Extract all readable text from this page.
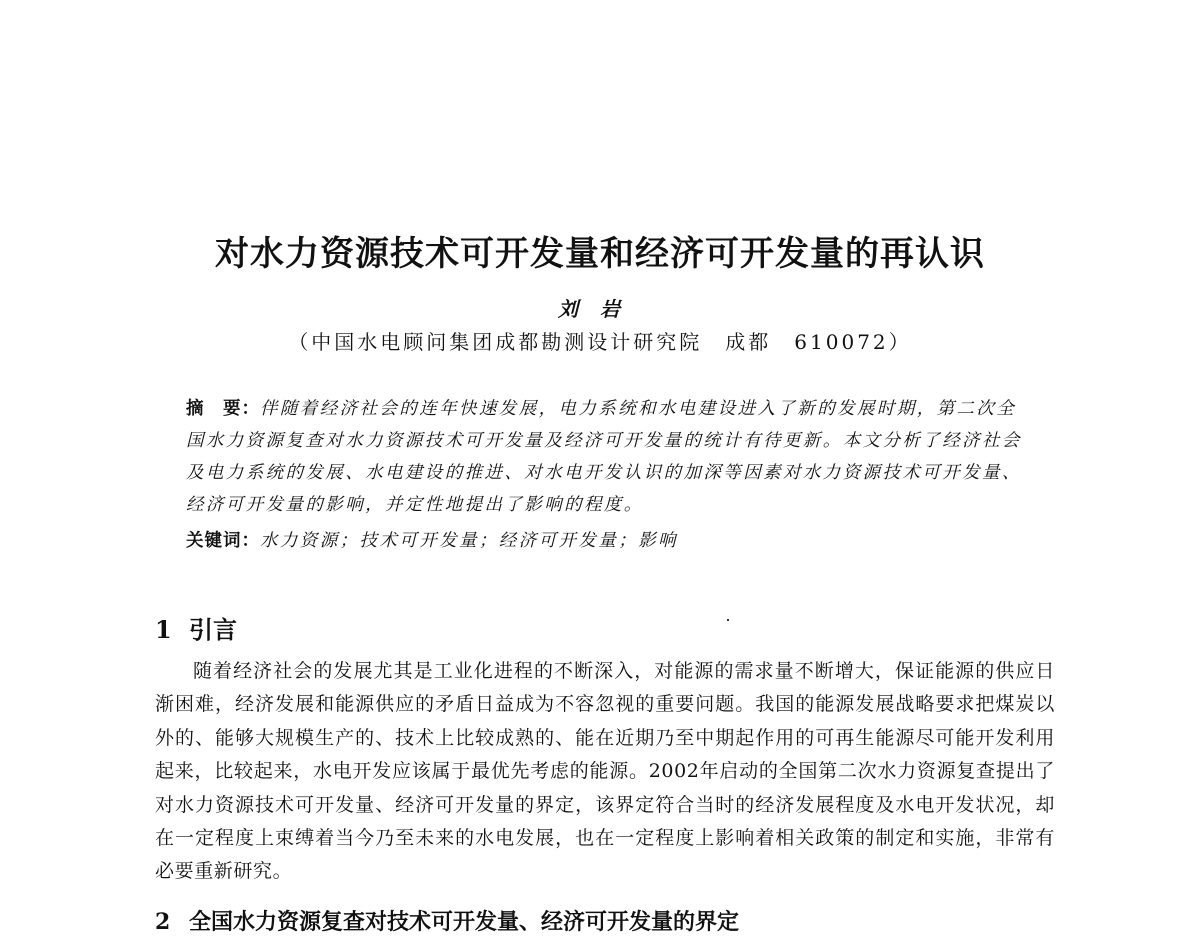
对水力资源技术可开发量和经济可开发量的再认识
刘岩
（中国水电顾问集团成都勘测设计研究院　成都　610072）
摘　要：伴随着经济社会的连年快速发展，电力系统和水电建设进入了新的发展时期，第二次全国水力资源复查对水力资源技术可开发量及经济可开发量的统计有待更新。本文分析了经济社会及电力系统的发展、水电建设的推进、对水电开发认识的加深等因素对水力资源技术可开发量、经济可开发量的影响，并定性地提出了影响的程度。
关键词：水力资源；技术可开发量；经济可开发量；影响
1 引言
随着经济社会的发展尤其是工业化进程的不断深入，对能源的需求量不断增大，保证能源的供应日渐困难，经济发展和能源供应的矛盾日益成为不容忽视的重要问题。我国的能源发展战略要求把煤炭以外的、能够大规模生产的、技术上比较成熟的、能在近期乃至中期起作用的可再生能源尽可能开发利用起来，比较起来，水电开发应该属于最优先考虑的能源。2002年启动的全国第二次水力资源复查提出了对水力资源技术可开发量、经济可开发量的界定，该界定符合当时的经济发展程度及水电开发状况，却在一定程度上束缚着当今乃至未来的水电发展，也在一定程度上影响着相关政策的制定和实施，非常有必要重新研究。
2 全国水力资源复查对技术可开发量、经济可开发量的界定
